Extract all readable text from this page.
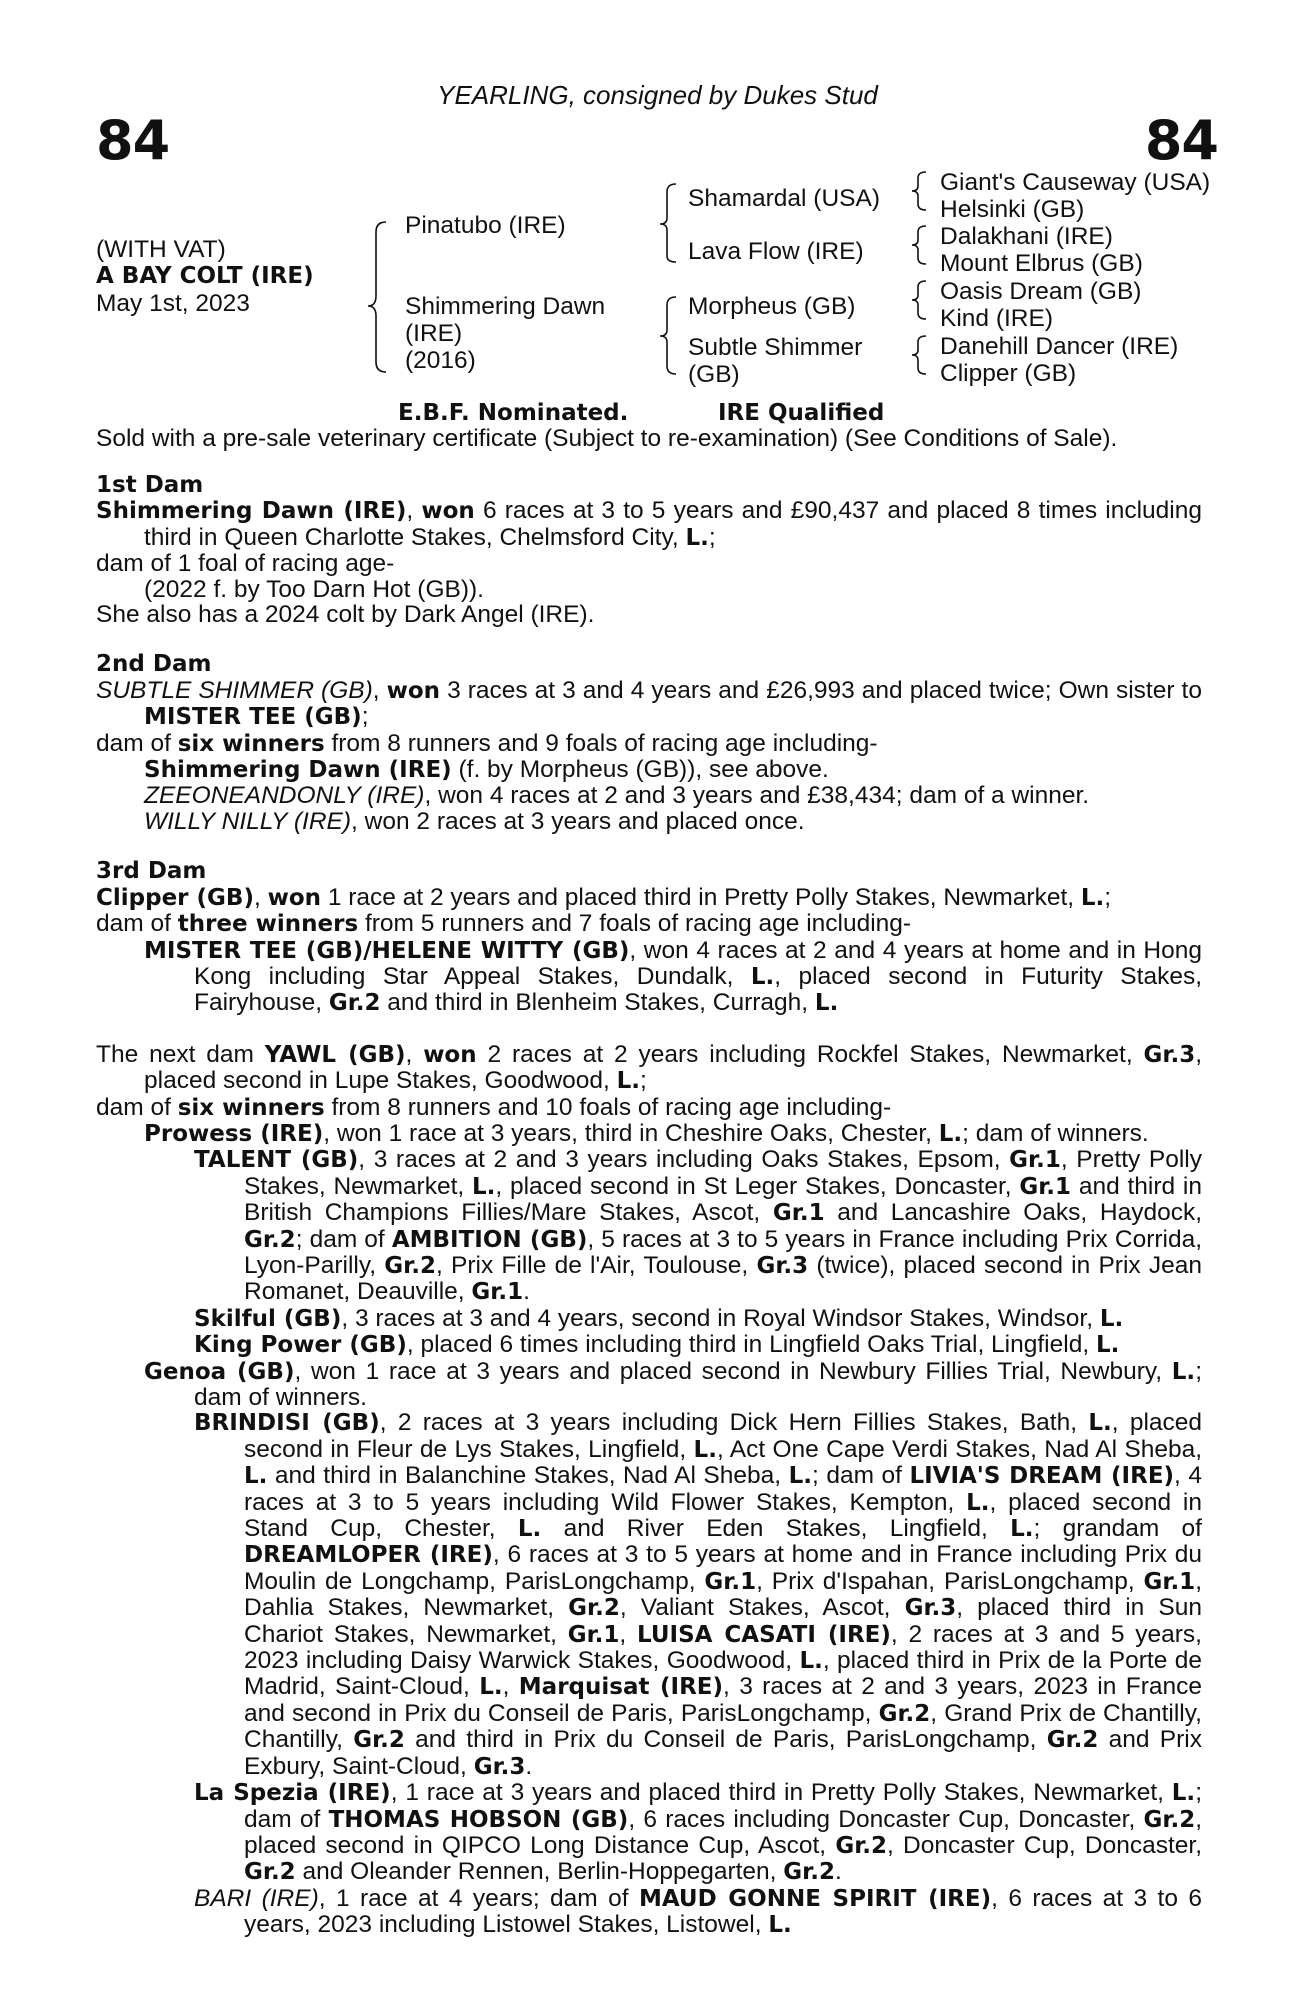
YEARLING, consigned by Dukes Stud
84	84
(WITH VAT)
A BAY COLT (IRE)
May 1st, 2023
Pinatubo (IRE)
Shimmering Dawn
(IRE)
(2016)
Shamardal (USA)
Lava Flow (IRE)
Morpheus (GB)
Subtle Shimmer
(GB)
Giant's Causeway (USA)
Helsinki (GB)
Dalakhani (IRE)
Mount Elbrus (GB)
Oasis Dream (GB)
Kind (IRE)
Danehill Dancer (IRE)
Clipper (GB)
E.B.F. Nominated.	IRE Qualified
Sold with a pre-sale veterinary certificate (Subject to re-examination) (See Conditions of Sale).

1st Dam

Shimmering Dawn (IRE), won 6 races at 3 to 5 years and £90,437 and placed 8 times including third in Queen Charlotte Stakes, Chelmsford City, L.;

dam of 1 foal of racing age-

(2022 f. by Too Darn Hot (GB)).

She also has a 2024 colt by Dark Angel (IRE).

2nd Dam

SUBTLE SHIMMER (GB), won 3 races at 3 and 4 years and £26,993 and placed twice; Own sister to MISTER TEE (GB);

dam of six winners from 8 runners and 9 foals of racing age including-

Shimmering Dawn (IRE) (f. by Morpheus (GB)), see above.

ZEEONEANDONLY (IRE), won 4 races at 2 and 3 years and £38,434; dam of a winner.

WILLY NILLY (IRE), won 2 races at 3 years and placed once.

3rd Dam

Clipper (GB), won 1 race at 2 years and placed third in Pretty Polly Stakes, Newmarket, L.;

dam of three winners from 5 runners and 7 foals of racing age including-

MISTER TEE (GB)/HELENE WITTY (GB), won 4 races at 2 and 4 years at home and in Hong Kong including Star Appeal Stakes, Dundalk, L., placed second in Futurity Stakes, Fairyhouse, Gr.2 and third in Blenheim Stakes, Curragh, L.

The next dam YAWL (GB), won 2 races at 2 years including Rockfel Stakes, Newmarket, Gr.3, placed second in Lupe Stakes, Goodwood, L.;

dam of six winners from 8 runners and 10 foals of racing age including-

Prowess (IRE), won 1 race at 3 years, third in Cheshire Oaks, Chester, L.; dam of winners.

TALENT (GB), 3 races at 2 and 3 years including Oaks Stakes, Epsom, Gr.1, Pretty Polly Stakes, Newmarket, L., placed second in St Leger Stakes, Doncaster, Gr.1 and third in British Champions Fillies/Mare Stakes, Ascot, Gr.1 and Lancashire Oaks, Haydock, Gr.2; dam of AMBITION (GB), 5 races at 3 to 5 years in France including Prix Corrida, Lyon-Parilly, Gr.2, Prix Fille de l'Air, Toulouse, Gr.3 (twice), placed second in Prix Jean Romanet, Deauville, Gr.1.

Skilful (GB), 3 races at 3 and 4 years, second in Royal Windsor Stakes, Windsor, L.

King Power (GB), placed 6 times including third in Lingfield Oaks Trial, Lingfield, L.

Genoa (GB), won 1 race at 3 years and placed second in Newbury Fillies Trial, Newbury, L.; dam of winners.

BRINDISI (GB), 2 races at 3 years including Dick Hern Fillies Stakes, Bath, L., placed second in Fleur de Lys Stakes, Lingfield, L., Act One Cape Verdi Stakes, Nad Al Sheba, L. and third in Balanchine Stakes, Nad Al Sheba, L.; dam of LIVIA'S DREAM (IRE), 4 races at 3 to 5 years including Wild Flower Stakes, Kempton, L., placed second in Stand Cup, Chester, L. and River Eden Stakes, Lingfield, L.; grandam of DREAMLOPER (IRE), 6 races at 3 to 5 years at home and in France including Prix du Moulin de Longchamp, ParisLongchamp, Gr.1, Prix d'Ispahan, ParisLongchamp, Gr.1, Dahlia Stakes, Newmarket, Gr.2, Valiant Stakes, Ascot, Gr.3, placed third in Sun Chariot Stakes, Newmarket, Gr.1, LUISA CASATI (IRE), 2 races at 3 and 5 years, 2023 including Daisy Warwick Stakes, Goodwood, L., placed third in Prix de la Porte de Madrid, Saint-Cloud, L., Marquisat (IRE), 3 races at 2 and 3 years, 2023 in France and second in Prix du Conseil de Paris, ParisLongchamp, Gr.2, Grand Prix de Chantilly, Chantilly, Gr.2 and third in Prix du Conseil de Paris, ParisLongchamp, Gr.2 and Prix Exbury, Saint-Cloud, Gr.3.

La Spezia (IRE), 1 race at 3 years and placed third in Pretty Polly Stakes, Newmarket, L.; dam of THOMAS HOBSON (GB), 6 races including Doncaster Cup, Doncaster, Gr.2, placed second in QIPCO Long Distance Cup, Ascot, Gr.2, Doncaster Cup, Doncaster, Gr.2 and Oleander Rennen, Berlin-Hoppegarten, Gr.2.

BARI (IRE), 1 race at 4 years; dam of MAUD GONNE SPIRIT (IRE), 6 races at 3 to 6 years, 2023 including Listowel Stakes, Listowel, L.
